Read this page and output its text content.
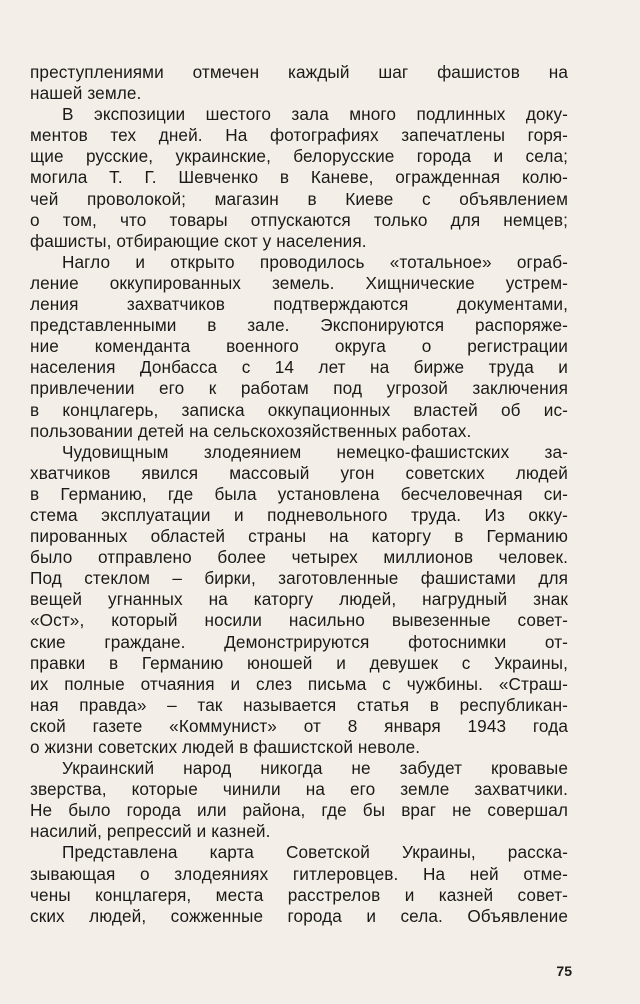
преступлениями отмечен каждый шаг фашистов на
нашей земле.
В экспозиции шестого зала много подлинных доку-
ментов тех дней. На фотографиях запечатлены горя-
щие русские, украинские, белорусские города и села;
могила Т. Г. Шевченко в Каневе, огражденная колю-
чей проволокой; магазин в Киеве с объявлением
о том, что товары отпускаются только для немцев;
фашисты, отбирающие скот у населения.
Нагло и открыто проводилось «тотальное» ограб-
ление оккупированных земель. Хищнические устрем-
ления захватчиков подтверждаются документами,
представленными в зале. Экспонируются распоряже-
ние коменданта военного округа о регистрации
населения Донбасса с 14 лет на бирже труда и
привлечении его к работам под угрозой заключения
в концлагерь, записка оккупационных властей об ис-
пользовании детей на сельскохозяйственных работах.
Чудовищным злодеянием немецко-фашистских за-
хватчиков явился массовый угон советских людей
в Германию, где была установлена бесчеловечная си-
стема эксплуатации и подневольного труда. Из окку-
пированных областей страны на каторгу в Германию
было отправлено более четырех миллионов человек.
Под стеклом – бирки, заготовленные фашистами для
вещей угнанных на каторгу людей, нагрудный знак
«Ост», который носили насильно вывезенные совет-
ские граждане. Демонстрируются фотоснимки от-
правки в Германию юношей и девушек с Украины,
их полные отчаяния и слез письма с чужбины. «Страш-
ная правда» – так называется статья в республикан-
ской газете «Коммунист» от 8 января 1943 года
о жизни советских людей в фашистской неволе.
Украинский народ никогда не забудет кровавые
зверства, которые чинили на его земле захватчики.
Не было города или района, где бы враг не совершал
насилий, репрессий и казней.
Представлена карта Советской Украины, расска-
зывающая о злодеяниях гитлеровцев. На ней отме-
чены концлагеря, места расстрелов и казней совет-
ских людей, сожженные города и села. Объявление
75
